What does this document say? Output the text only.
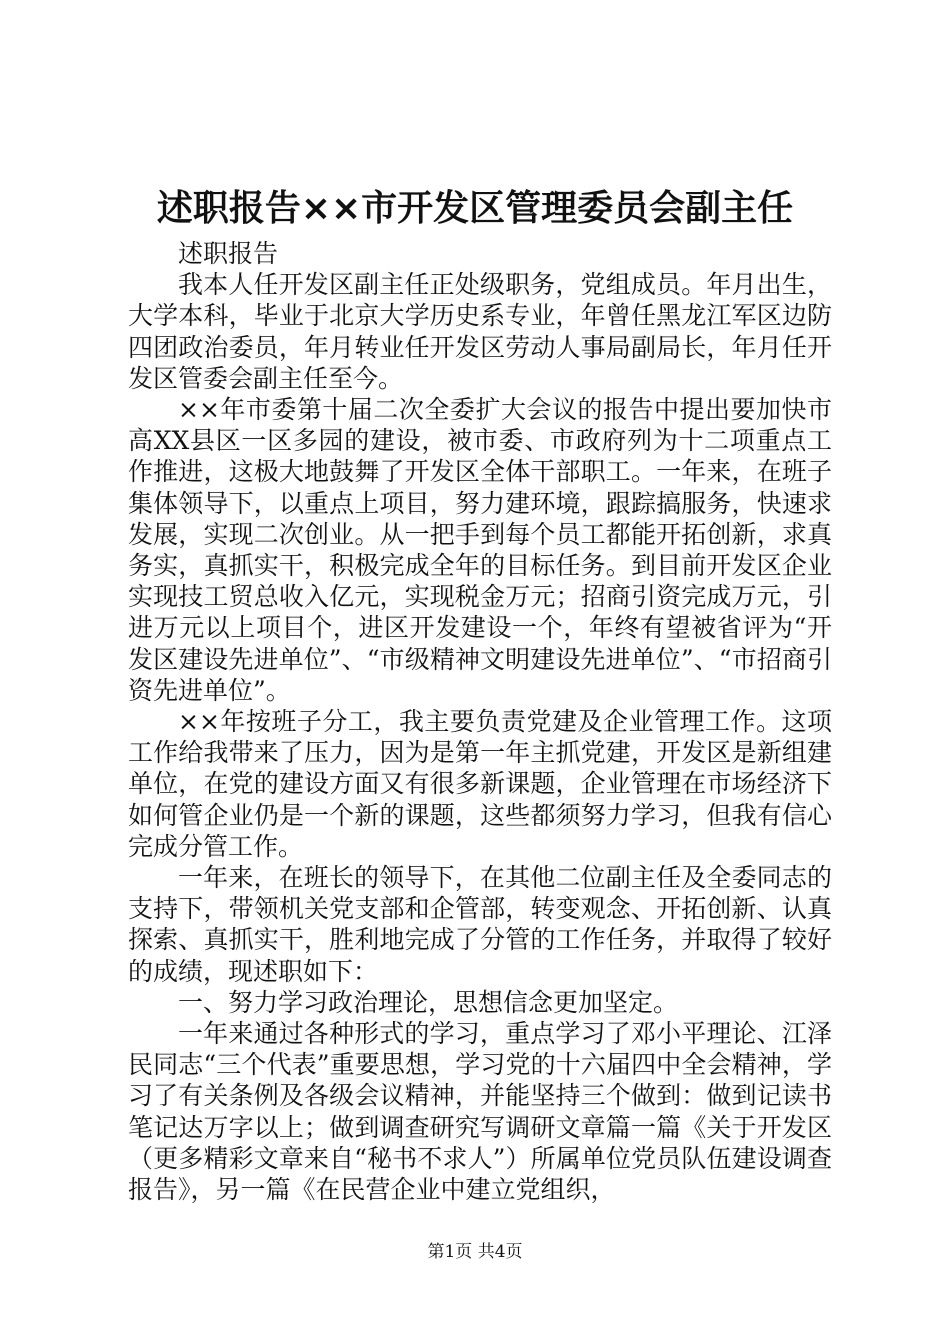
述职报告××市开发区管理委员会副主任

述职报告

我本人任开发区副主任正处级职务，党组成员。年月出生，大学本科，毕业于北京大学历史系专业，年曾任黑龙江军区边防四团政治委员，年月转业任开发区劳动人事局副局长，年月任开发区管委会副主任至今。

××年市委第十届二次全委扩大会议的报告中提出要加快市高XX县区一区多园的建设，被市委、市政府列为十二项重点工作推进，这极大地鼓舞了开发区全体干部职工。一年来，在班子集体领导下，以重点上项目，努力建环境，跟踪搞服务，快速求发展，实现二次创业。从一把手到每个员工都能开拓创新，求真务实，真抓实干，积极完成全年的目标任务。到目前开发区企业实现技工贸总收入亿元，实现税金万元；招商引资完成万元，引进万元以上项目个，进区开发建设一个，年终有望被省评为“开发区建设先进单位”、“市级精神文明建设先进单位”、“市招商引资先进单位”。

××年按班子分工，我主要负责党建及企业管理工作。这项工作给我带来了压力，因为是第一年主抓党建，开发区是新组建单位，在党的建设方面又有很多新课题，企业管理在市场经济下如何管企业仍是一个新的课题，这些都须努力学习，但我有信心完成分管工作。

一年来，在班长的领导下，在其他二位副主任及全委同志的支持下，带领机关党支部和企管部，转变观念、开拓创新、认真探索、真抓实干，胜利地完成了分管的工作任务，并取得了较好的成绩，现述职如下：

一、努力学习政治理论，思想信念更加坚定。

一年来通过各种形式的学习，重点学习了邓小平理论、江泽民同志“三个代表”重要思想，学习党的十六届四中全会精神，学习了有关条例及各级会议精神，并能坚持三个做到：做到记读书笔记达万字以上；做到调查研究写调研文章篇一篇《关于开发区（更多精彩文章来自“秘书不求人”）所属单位党员队伍建设调查报告》，另一篇《在民营企业中建立党组织，

第1页 共4页
